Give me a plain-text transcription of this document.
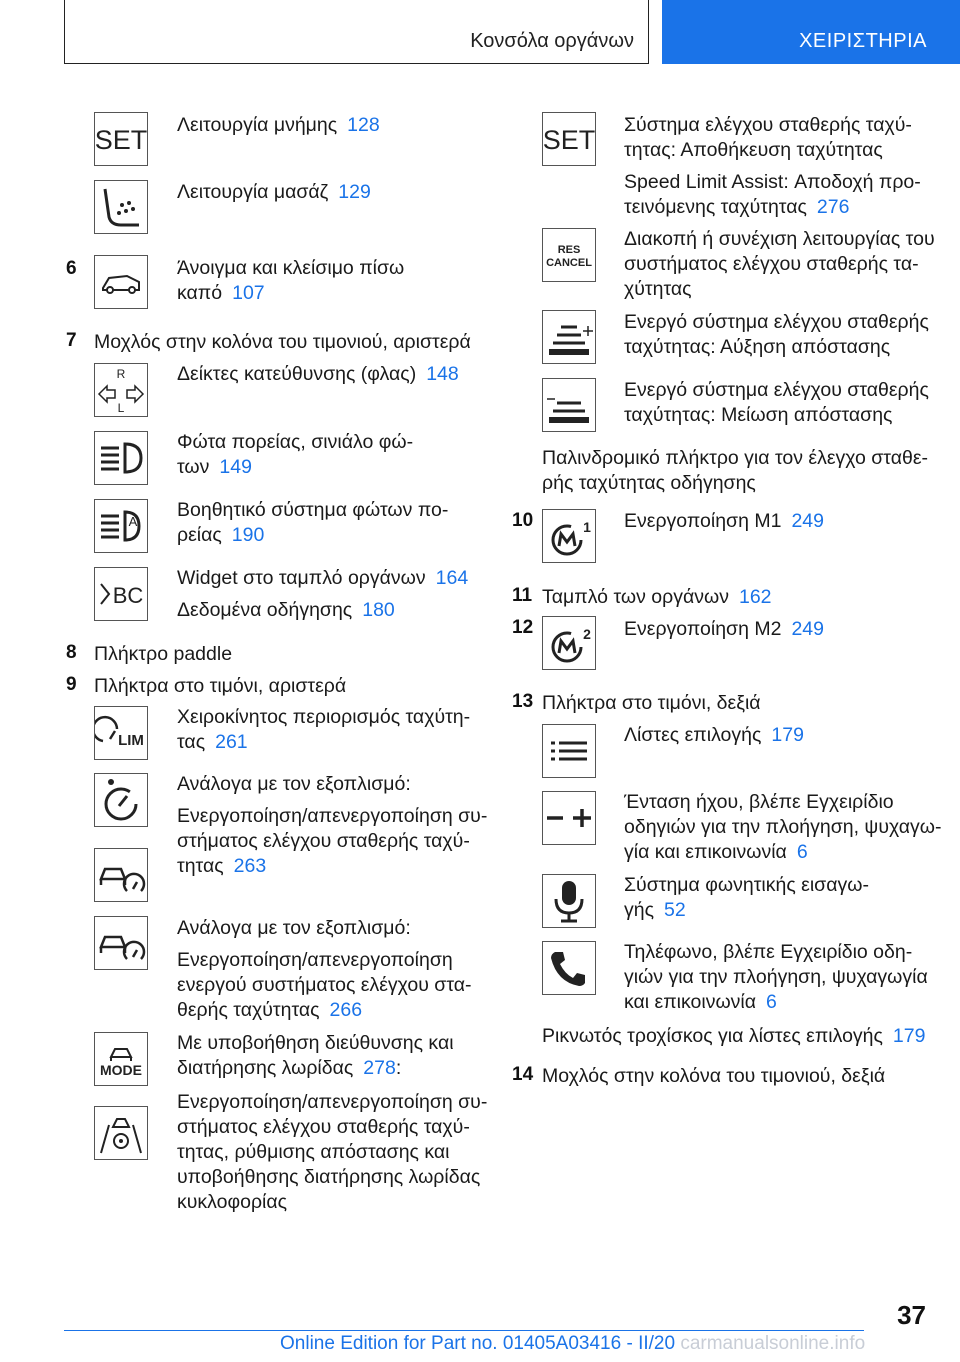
Κονσόλα οργάνων	ΧΕΙΡΙΣΤΗΡΙΑ
SET Λειτουργία μνήμης 128
Λειτουργία μασάζ 129
6	Άνοιγμα και κλείσιμο πίσω
καπό 107
7 Μοχλός στην κολόνα του τιμονιού, αριστερά
R
L
Δείκτες κατεύθυνσης (φλας) 148
Φώτα πορείας, σινιάλο φώ-
των 149
A
Βοηθητικό σύστημα φώτων πο-
ρείας 190
BC
Widget στο ταμπλό οργάνων 164
Δεδομένα οδήγησης 180
8 Πλήκτρο paddle
9 Πλήκτρα στο τιμόνι, αριστερά
LIM
Χειροκίνητος περιορισμός ταχύτη-
τας 261
Ανάλογα με τον εξοπλισμό:
Ενεργοποίηση/απενεργοποίηση συ-
στήματος ελέγχου σταθερής ταχύ-
τητας 263
Ανάλογα με τον εξοπλισμό:
Ενεργοποίηση/απενεργοποίηση
ενεργού συστήματος ελέγχου στα-
θερής ταχύτητας 266
MODE
Με υποβοήθηση διεύθυνσης και
διατήρησης λωρίδας 278:
Ενεργοποίηση/απενεργοποίηση συ-
στήματος ελέγχου σταθερής ταχύ-
τητας, ρύθμισης απόστασης και
υποβοήθησης διατήρησης λωρίδας
κυκλοφορίας
SET Σύστημα ελέγχου σταθερής ταχύ-
τητας: Αποθήκευση ταχύτητας
Speed Limit Assist: Αποδοχή προ-
τεινόμενης ταχύτητας 276
RES
CANCEL
Διακοπή ή συνέχιση λειτουργίας του
συστήματος ελέγχου σταθερής τα-
χύτητας
Ενεργό σύστημα ελέγχου σταθερής
ταχύτητας: Αύξηση απόστασης
Ενεργό σύστημα ελέγχου σταθερής
ταχύτητας: Μείωση απόστασης
Παλινδρομικό πλήκτρο για τον έλεγχο σταθε-
ρής ταχύτητας οδήγησης
10	1 Ενεργοποίηση M1 249
11 Ταμπλό των οργάνων 162
12	2 Ενεργοποίηση M2 249
13 Πλήκτρα στο τιμόνι, δεξιά
Λίστες επιλογής 179
Ένταση ήχου, βλέπε Εγχειρίδιο
οδηγιών για την πλοήγηση, ψυχαγω-
γία και επικοινωνία 6
Σύστημα φωνητικής εισαγω-
γής 52
Τηλέφωνο, βλέπε Εγχειρίδιο οδη-
γιών για την πλοήγηση, ψυχαγωγία
και επικοινωνία 6
Ρικνωτός τροχίσκος για λίστες επιλογής 179
14 Μοχλός στην κολόνα του τιμονιού, δεξιά
37
Online Edition for Part no. 01405A03416 - II/20 carmanualsonline.info
